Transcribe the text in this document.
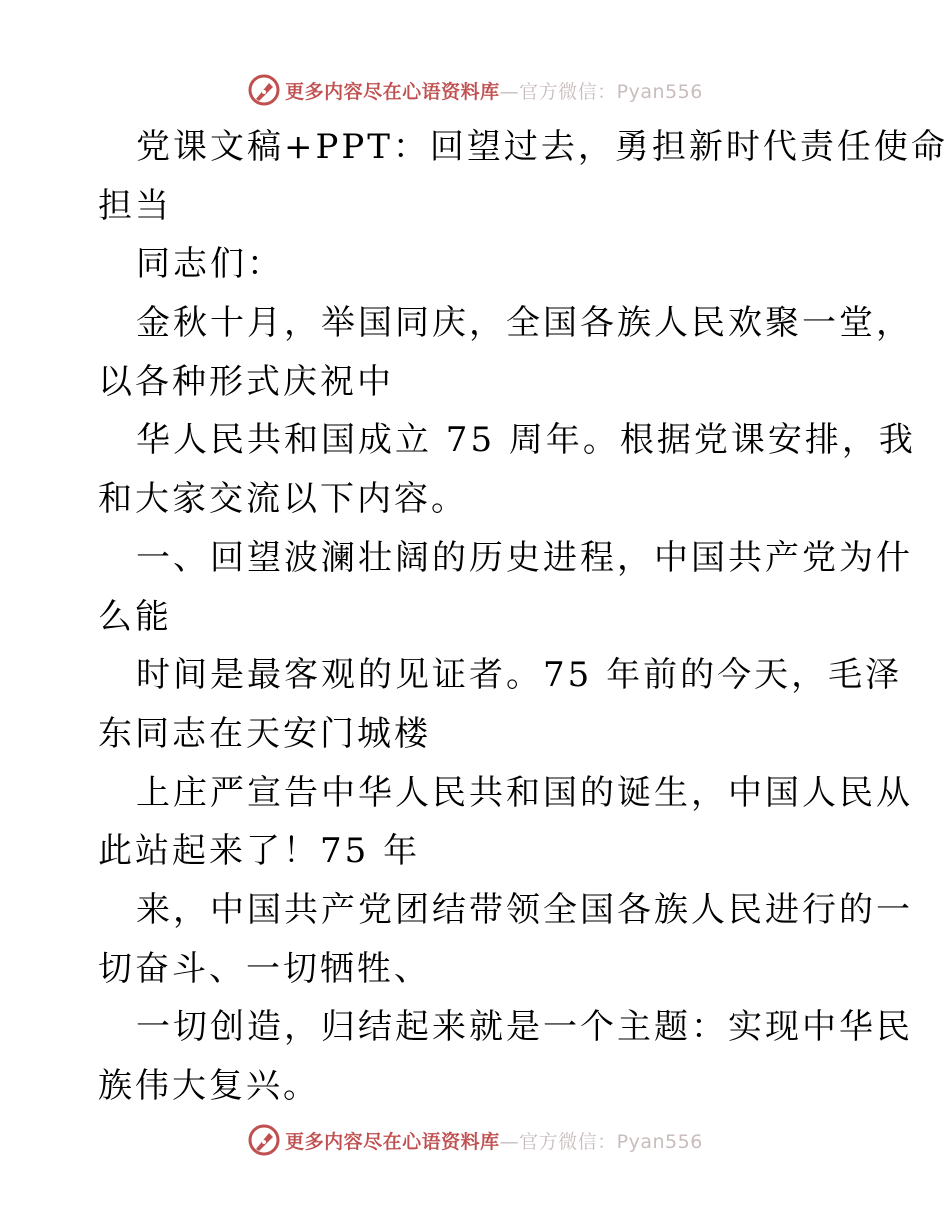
更多内容尽在心语资料库—官方微信：Pyan556
党课文稿+PPT：回望过去，勇担新时代责任使命
担当
同志们：
金秋十月，举国同庆，全国各族人民欢聚一堂，
以各种形式庆祝中
华人民共和国成立 75 周年。根据党课安排，我
和大家交流以下内容。
一、回望波澜壮阔的历史进程，中国共产党为什
么能
时间是最客观的见证者。75 年前的今天，毛泽
东同志在天安门城楼
上庄严宣告中华人民共和国的诞生，中国人民从
此站起来了！75 年
来，中国共产党团结带领全国各族人民进行的一
切奋斗、一切牺牲、
一切创造，归结起来就是一个主题：实现中华民
族伟大复兴。
更多内容尽在心语资料库—官方微信：Pyan556
